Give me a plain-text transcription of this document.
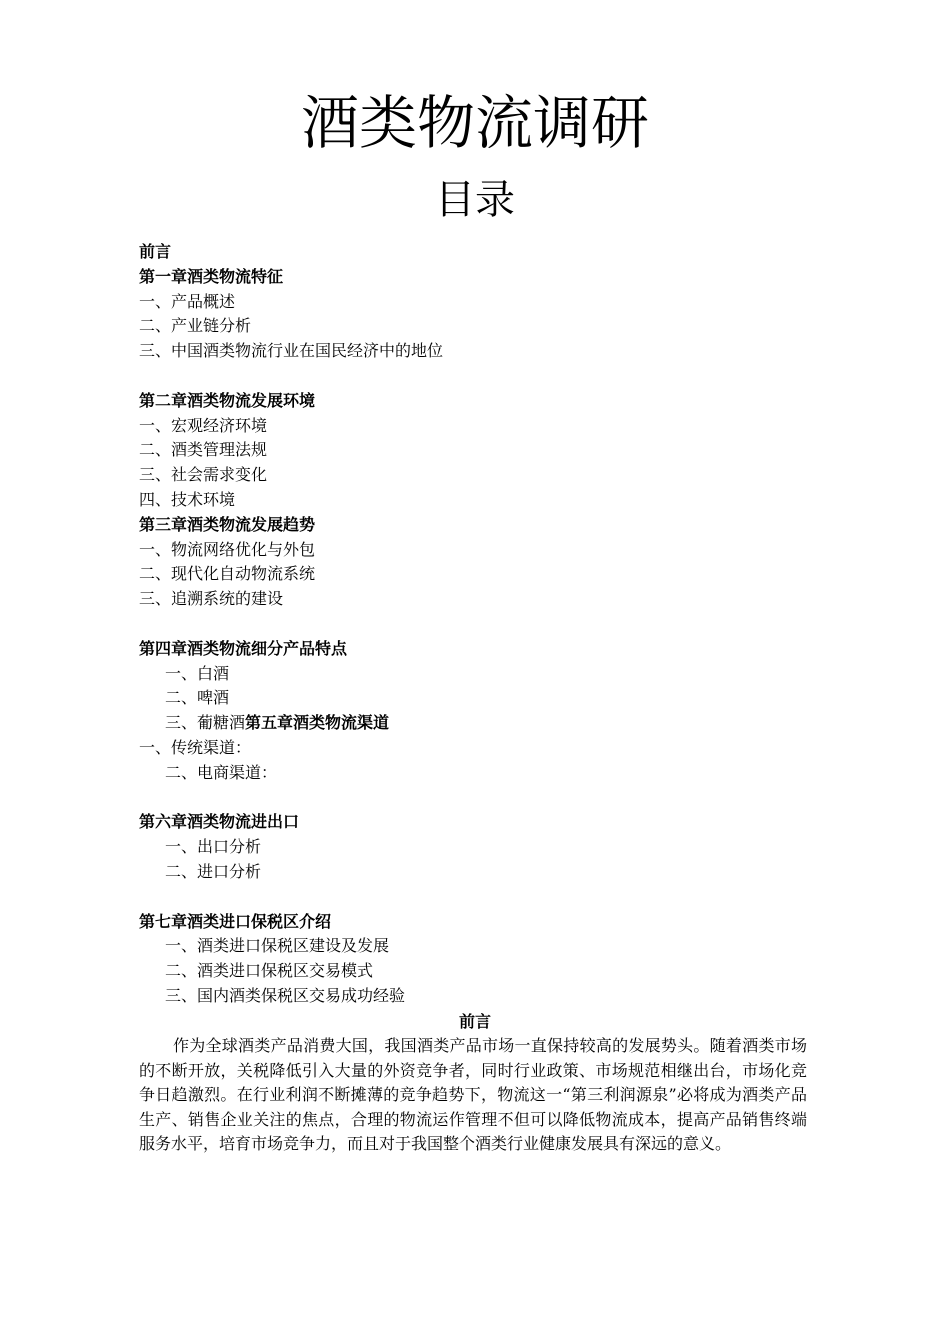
酒类物流调研
目录
前言
第一章酒类物流特征
一、产品概述
二、产业链分析
三、中国酒类物流行业在国民经济中的地位
第二章酒类物流发展环境
一、宏观经济环境
二、酒类管理法规
三、社会需求变化
四、技术环境
第三章酒类物流发展趋势
一、物流网络优化与外包
二、现代化自动物流系统
三、追溯系统的建设
第四章酒类物流细分产品特点
一、白酒
二、啤酒
三、葡糖酒第五章酒类物流渠道
一、传统渠道：
二、电商渠道：
第六章酒类物流进出口
一、出口分析
二、进口分析
第七章酒类进口保税区介绍
一、酒类进口保税区建设及发展
二、酒类进口保税区交易模式
三、国内酒类保税区交易成功经验
前言

作为全球酒类产品消费大国，我国酒类产品市场一直保持较高的发展势头。随着酒类市场的不断开放，关税降低引入大量的外资竞争者，同时行业政策、市场规范相继出台，市场化竞争日趋激烈。在行业利润不断摊薄的竞争趋势下，物流这一“第三利润源泉”必将成为酒类产品生产、销售企业关注的焦点，合理的物流运作管理不但可以降低物流成本，提高产品销售终端服务水平，培育市场竞争力，而且对于我国整个酒类行业健康发展具有深远的意义。
